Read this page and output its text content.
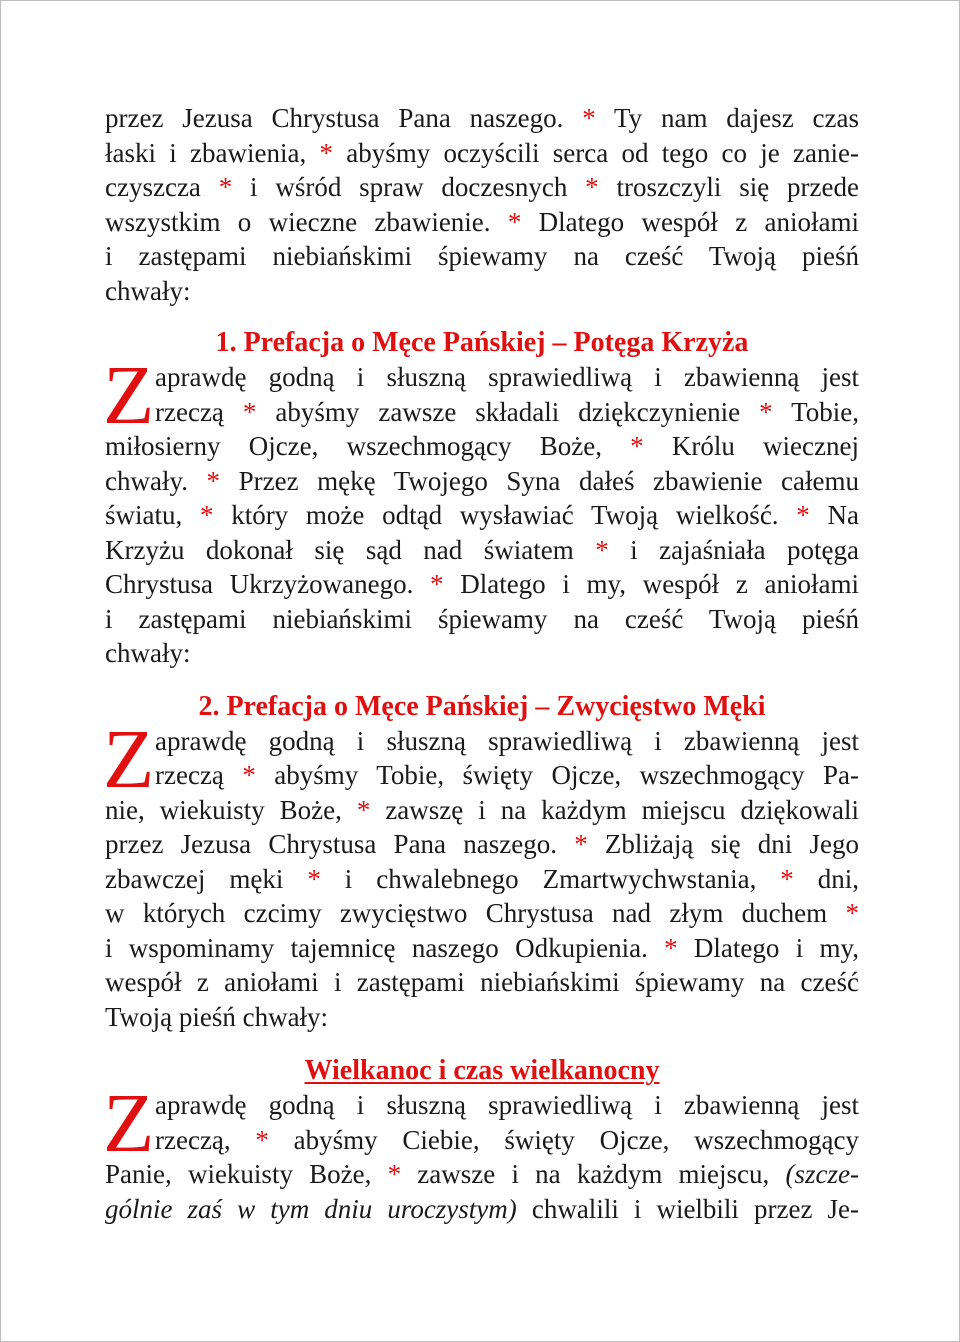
przez Jezusa Chrystusa Pana naszego. * Ty nam dajesz czas
łaski i zbawienia, * abyśmy oczyścili serca od tego co je zanie-
czyszcza * i wśród spraw doczesnych * troszczyli się przede
wszystkim o wieczne zbawienie. * Dlatego wespół z aniołami
i zastępami niebiańskimi śpiewamy na cześć Twoją pieśń
chwały:
1. Prefacja o Męce Pańskiej – Potęga Krzyża
Z aprawdę godną i słuszną sprawiedliwą i zbawienną jest
rzeczą * abyśmy zawsze składali dziękczynienie * Tobie,
miłosierny Ojcze, wszechmogący Boże, * Królu wiecznej
chwały. * Przez mękę Twojego Syna dałeś zbawienie całemu
światu, * który może odtąd wysławiać Twoją wielkość. * Na
Krzyżu dokonał się sąd nad światem * i zajaśniała potęga
Chrystusa Ukrzyżowanego. * Dlatego i my, wespół z aniołami
i zastępami niebiańskimi śpiewamy na cześć Twoją pieśń
chwały:
2. Prefacja o Męce Pańskiej – Zwycięstwo Męki
Z aprawdę godną i słuszną sprawiedliwą i zbawienną jest
rzeczą * abyśmy Tobie, święty Ojcze, wszechmogący Pa-
nie, wiekuisty Boże, * zawszę i na każdym miejscu dziękowali
przez Jezusa Chrystusa Pana naszego. * Zbliżają się dni Jego
zbawczej męki * i chwalebnego Zmartwychwstania, * dni,
w których czcimy zwycięstwo Chrystusa nad złym duchem *
i wspominamy tajemnicę naszego Odkupienia. * Dlatego i my,
wespół z aniołami i zastępami niebiańskimi śpiewamy na cześć
Twoją pieśń chwały:
Wielkanoc i czas wielkanocny
Z aprawdę godną i słuszną sprawiedliwą i zbawienną jest
rzeczą, * abyśmy Ciebie, święty Ojcze, wszechmogący
Panie, wiekuisty Boże, * zawsze i na każdym miejscu, (szcze-
gólnie zaś w tym dniu uroczystym) chwalili i wielbili przez Je-
